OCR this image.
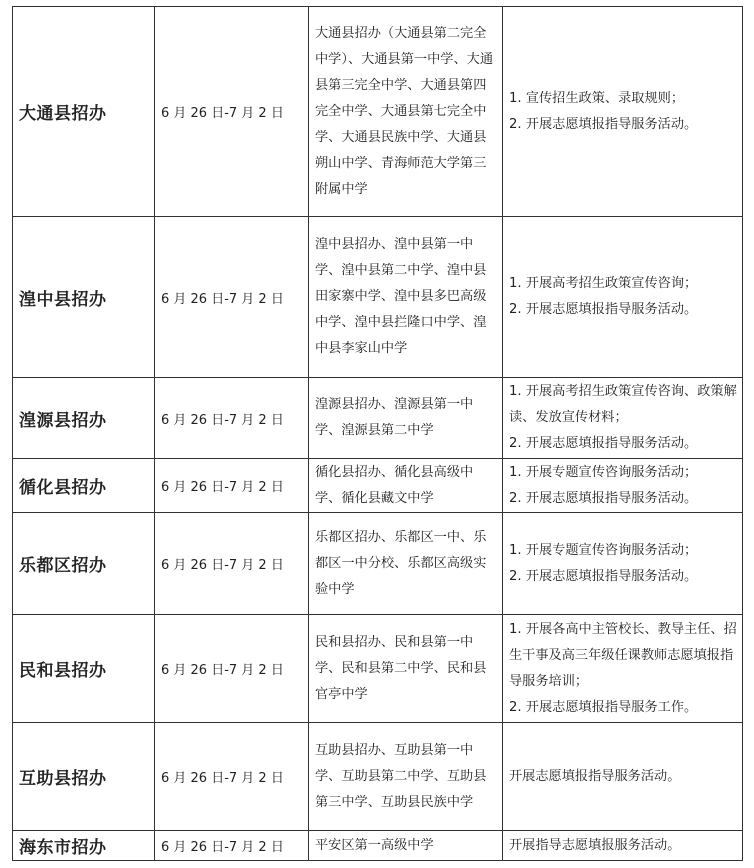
大通县招办	6 月 26 日-7 月 2 日	大通县招办（大通县第二完全中学）、大通县第一中学、大通县第三完全中学、大通县第四完全中学、大通县第七完全中学、大通县民族中学、大通县朔山中学、青海师范大学第三附属中学	1. 宣传招生政策、录取规则；
2. 开展志愿填报指导服务活动。

湟中县招办	6 月 26 日-7 月 2 日	湟中县招办、湟中县第一中学、湟中县第二中学、湟中县田家寨中学、湟中县多巴高级中学、湟中县拦隆口中学、湟中县李家山中学	1. 开展高考招生政策宣传咨询；
2. 开展志愿填报指导服务活动。

湟源县招办	6 月 26 日-7 月 2 日	湟源县招办、湟源县第一中学、湟源县第二中学	1. 开展高考招生政策宣传咨询、政策解读、发放宣传材料；
2. 开展志愿填报指导服务活动。

循化县招办	6 月 26 日-7 月 2 日	循化县招办、循化县高级中学、循化县藏文中学	1. 开展专题宣传咨询服务活动；
2. 开展志愿填报指导服务活动。

乐都区招办	6 月 26 日-7 月 2 日	乐都区招办、乐都区一中、乐都区一中分校、乐都区高级实验中学	1. 开展专题宣传咨询服务活动；
2. 开展志愿填报指导服务活动。

民和县招办	6 月 26 日-7 月 2 日	民和县招办、民和县第一中学、民和县第二中学、民和县官亭中学	1. 开展各高中主管校长、教导主任、招生干事及高三年级任课教师志愿填报指导服务培训；
2. 开展志愿填报指导服务工作。

互助县招办	6 月 26 日-7 月 2 日	互助县招办、互助县第一中学、互助县第二中学、互助县第三中学、互助县民族中学	开展志愿填报指导服务活动。

海东市招办	6 月 26 日-7 月 2 日	平安区第一高级中学	开展指导志愿填报服务活动。
